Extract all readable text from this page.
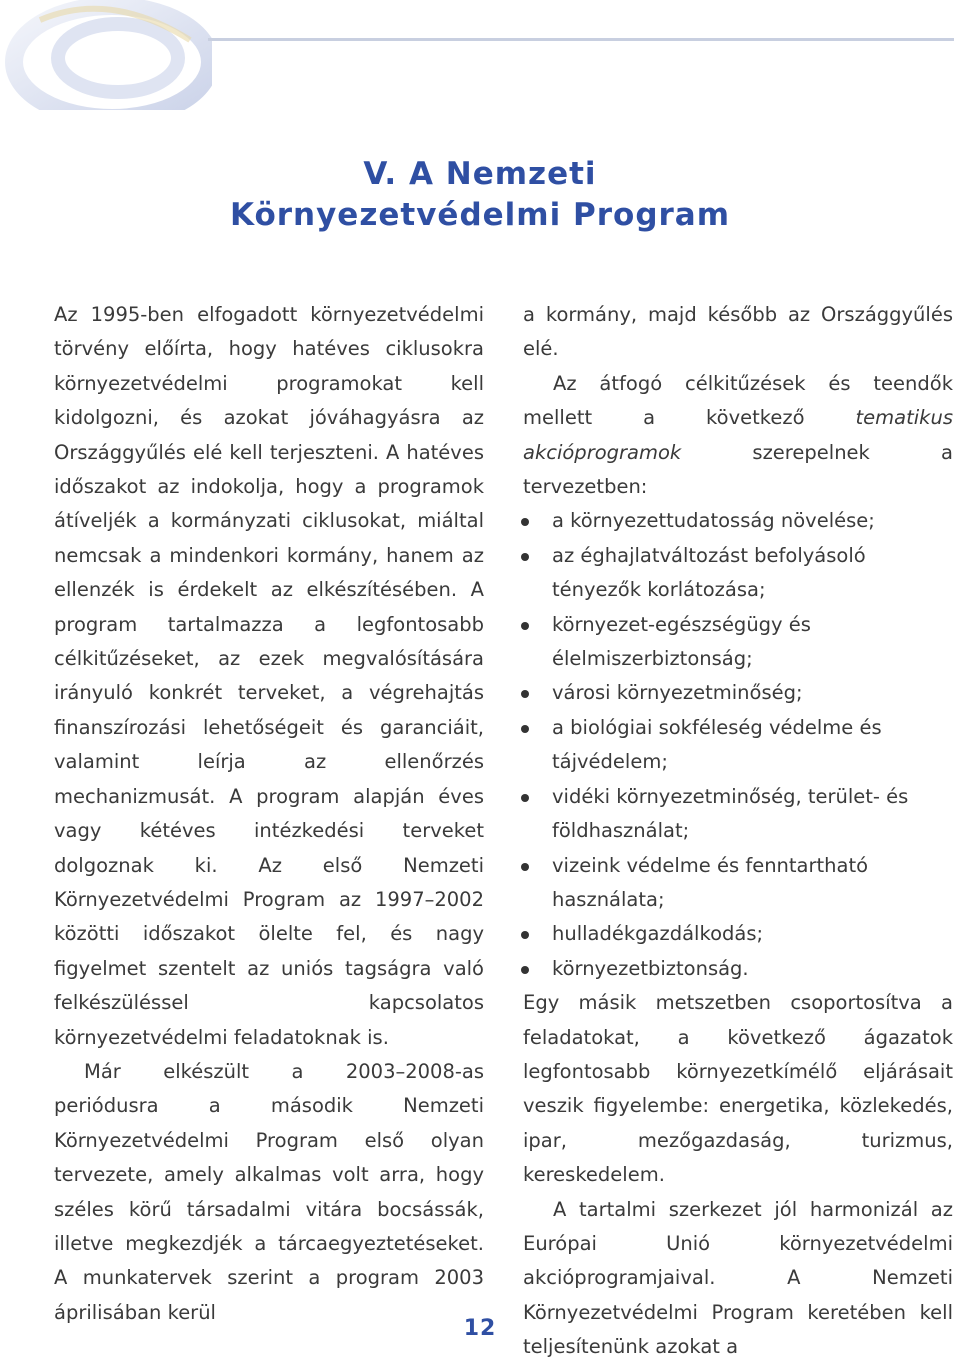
V. A Nemzeti
Környezetvédelmi Program

Az 1995-ben elfogadott környezetvédelmi törvény előírta, hogy hatéves ciklusokra környezetvédelmi programokat kell kidolgozni, és azokat jóváhagyásra az Országgyűlés elé kell terjeszteni. A hatéves időszakot az indokolja, hogy a programok átíveljék a kormányzati ciklusokat, miáltal nemcsak a mindenkori kormány, hanem az ellenzék is érdekelt az elkészítésében. A program tartalmazza a legfontosabb célkitűzéseket, az ezek megvalósítására irányuló konkrét terveket, a végrehajtás finanszírozási lehetőségeit és garanciáit, valamint leírja az ellenőrzés mechanizmusát. A program alapján éves vagy kétéves intézkedési terveket dolgoznak ki. Az első Nemzeti Környezetvédelmi Program az 1997–2002 közötti időszakot ölelte fel, és nagy figyelmet szentelt az uniós tagságra való felkészüléssel kapcsolatos környezetvédelmi feladatoknak is.

Már elkészült a 2003–2008-as periódusra a második Nemzeti Környezetvédelmi Program első olyan tervezete, amely alkalmas volt arra, hogy széles körű társadalmi vitára bocsássák, illetve megkezdjék a tárcaegyeztetéseket. A munkatervek szerint a program 2003 áprilisában kerül

a kormány, majd később az Országgyűlés elé.

Az átfogó célkitűzések és teendők mellett a következő tematikus akcióprogramok szerepelnek a tervezetben:

a környezettudatosság növelése;
az éghajlatváltozást befolyásoló tényezők korlátozása;
környezet-egészségügy és élelmiszerbiztonság;
városi környezetminőség;
a biológiai sokféleség védelme és tájvédelem;
vidéki környezetminőség, terület- és földhasználat;
vizeink védelme és fenntartható használata;
hulladékgazdálkodás;
környezetbiztonság.

Egy másik metszetben csoportosítva a feladatokat, a következő ágazatok legfontosabb környezetkímélő eljárásait veszik figyelembe: energetika, közlekedés, ipar, mezőgazdaság, turizmus, kereskedelem.

A tartalmi szerkezet jól harmonizál az Európai Unió környezetvédelmi akcióprogramjaival. A Nemzeti Környezetvédelmi Program keretében kell teljesítenünk azokat a

12
